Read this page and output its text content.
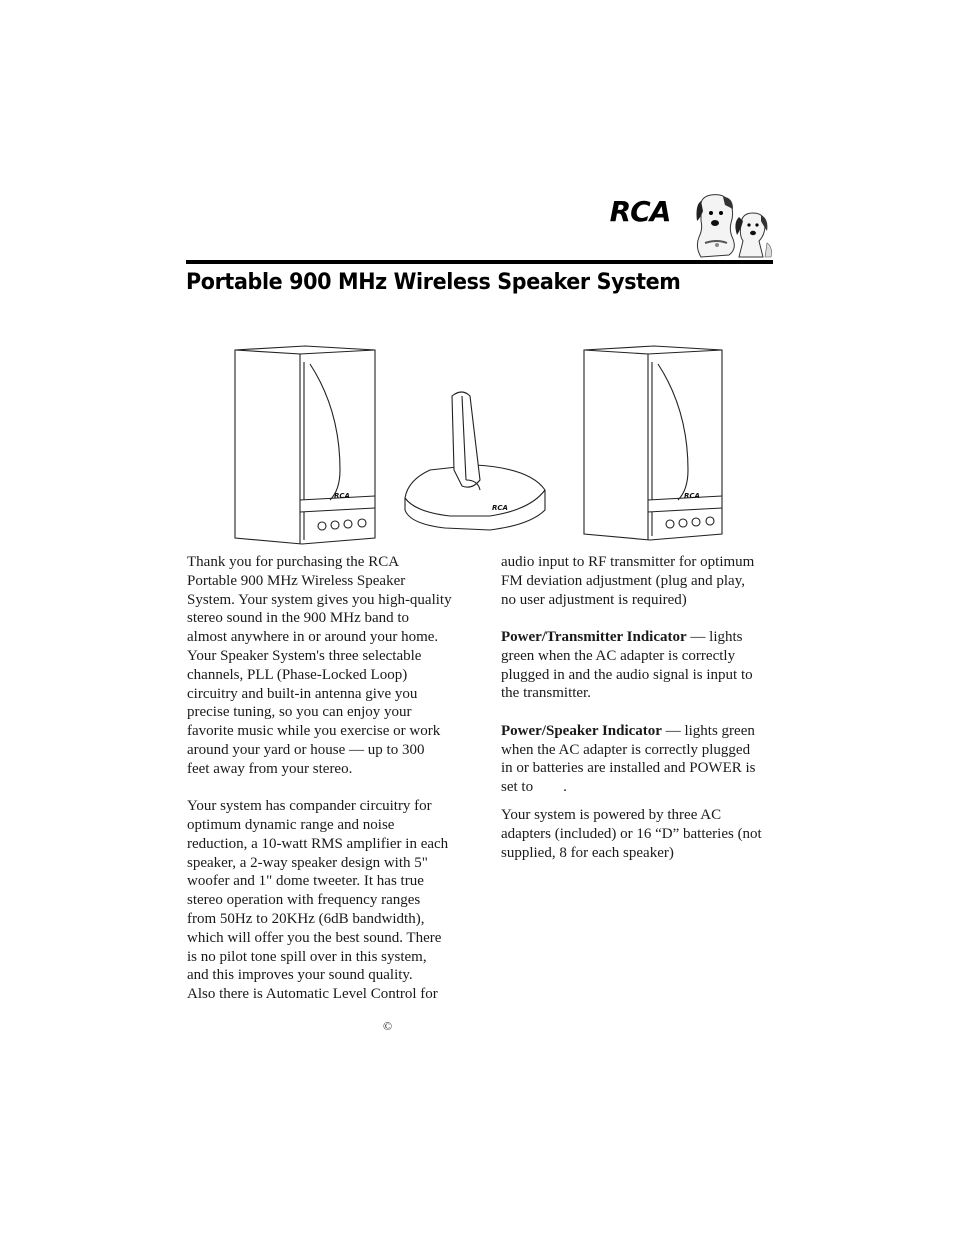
RCA
Portable 900 MHz Wireless Speaker System
RCA
RCA
RCA

Thank you for purchasing the RCA

Portable 900 MHz Wireless Speaker

System. Your system gives you high-quality

stereo sound in the 900 MHz band to

almost anywhere in or around your home.

Your Speaker System's three selectable

channels, PLL (Phase-Locked Loop)

circuitry and built-in antenna give you

precise tuning, so you can enjoy your

favorite music while you exercise or work

around your yard or house — up to 300

feet away from your stereo.

Your system has compander circuitry for

optimum dynamic range and noise

reduction, a 10-watt RMS amplifier in each

speaker, a 2-way speaker design with 5"

woofer and 1" dome tweeter. It has true

stereo operation with frequency ranges

from 50Hz to 20KHz (6dB bandwidth),

which will offer you the best sound. There

is no pilot tone spill over in this system,

and this improves your sound quality.

Also there is Automatic Level Control for

audio input to RF transmitter for optimum

FM deviation adjustment (plug and play,

no user adjustment is required)

Power/Transmitter Indicator — lights

green when the AC adapter is correctly

plugged in and the audio signal is input to

the transmitter.

Power/Speaker Indicator — lights green

when the AC adapter is correctly plugged

in or batteries are installed and POWER is

set to        .

Your system is powered by three AC

adapters (included) or 16 “D” batteries (not

supplied, 8 for each speaker)

©
